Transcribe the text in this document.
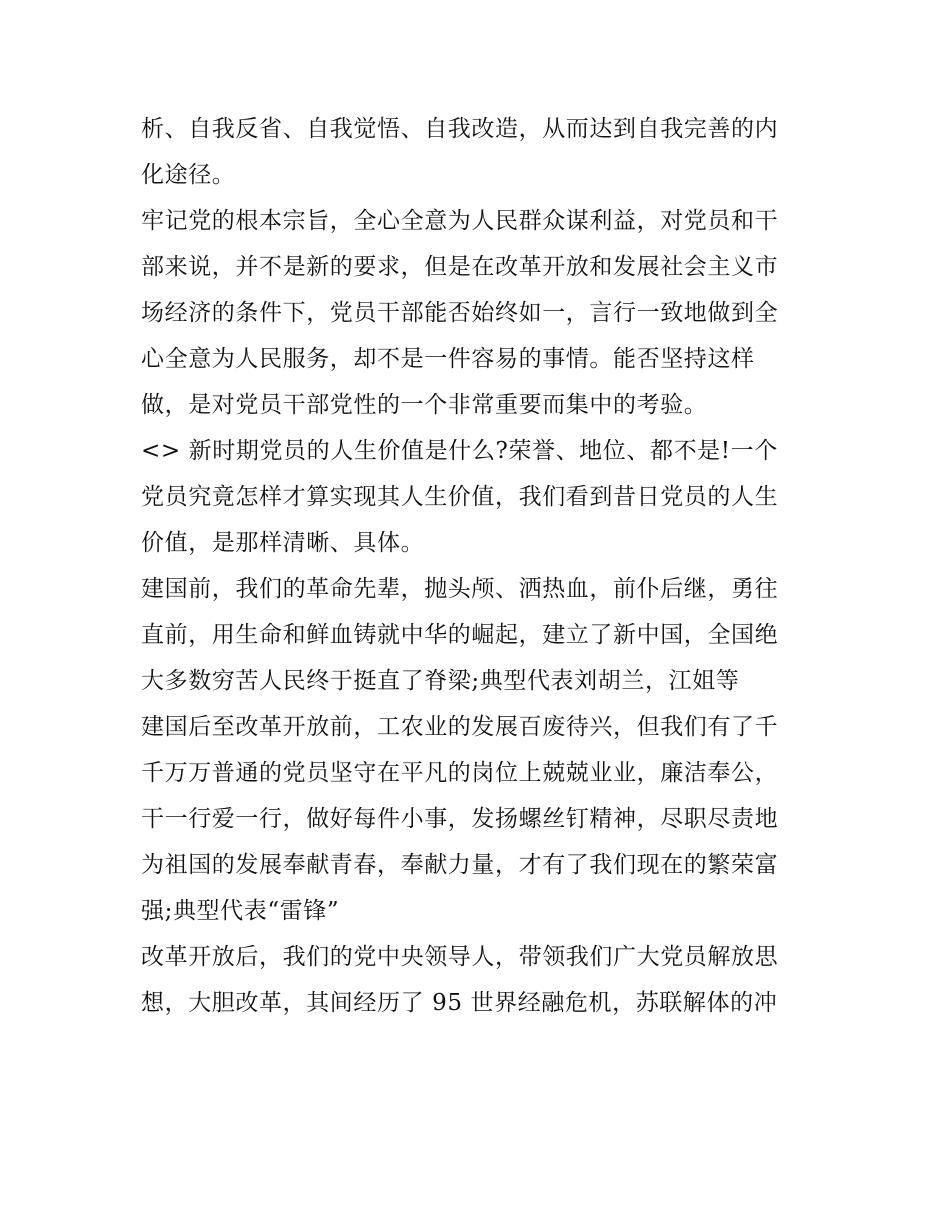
析、自我反省、自我觉悟、自我改造，从而达到自我完善的内
化途径。
牢记党的根本宗旨，全心全意为人民群众谋利益，对党员和干
部来说，并不是新的要求，但是在改革开放和发展社会主义市
场经济的条件下，党员干部能否始终如一，言行一致地做到全
心全意为人民服务，却不是一件容易的事情。能否坚持这样
做，是对党员干部党性的一个非常重要而集中的考验。
<> 新时期党员的人生价值是什么?荣誉、地位、都不是!一个
党员究竟怎样才算实现其人生价值，我们看到昔日党员的人生
价值，是那样清晰、具体。
建国前，我们的革命先辈，抛头颅、洒热血，前仆后继，勇往
直前，用生命和鲜血铸就中华的崛起，建立了新中国，全国绝
大多数穷苦人民终于挺直了脊梁;典型代表刘胡兰，江姐等
建国后至改革开放前，工农业的发展百废待兴，但我们有了千
千万万普通的党员坚守在平凡的岗位上兢兢业业，廉洁奉公，
干一行爱一行，做好每件小事，发扬螺丝钉精神，尽职尽责地
为祖国的发展奉献青春，奉献力量，才有了我们现在的繁荣富
强;典型代表“雷锋”
改革开放后，我们的党中央领导人，带领我们广大党员解放思
想，大胆改革，其间经历了 95 世界经融危机，苏联解体的冲
